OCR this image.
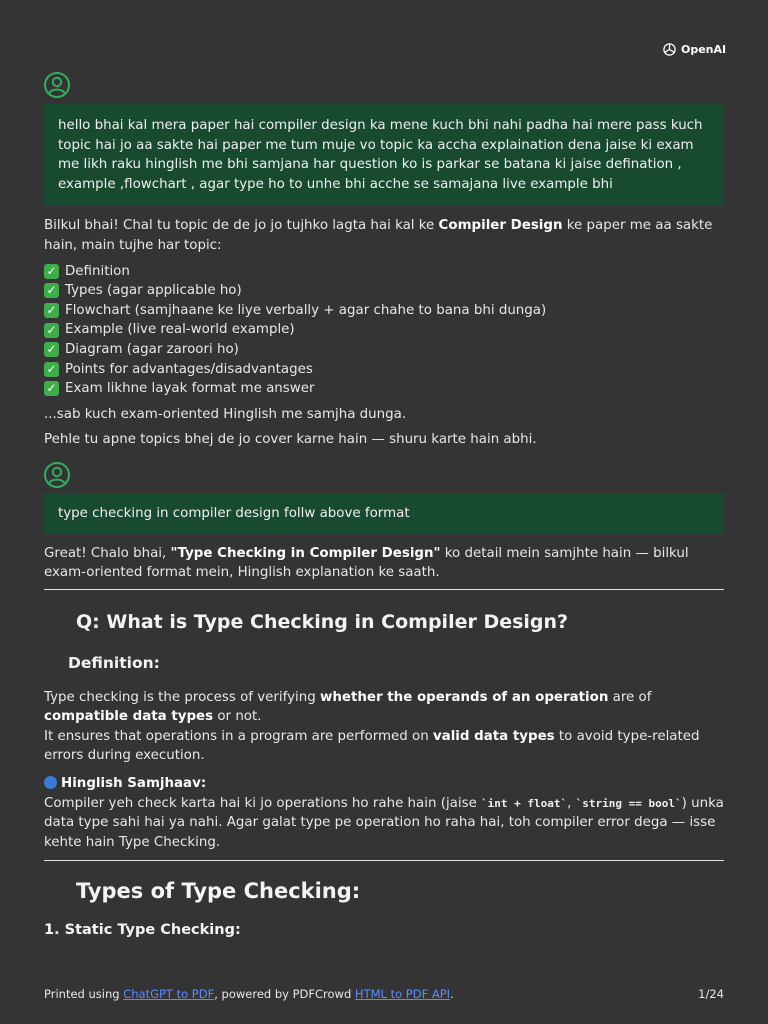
OpenAI
hello bhai kal mera paper hai compiler design ka mene kuch bhi nahi padha hai mere pass kuch topic hai jo aa sakte hai paper me tum muje vo topic ka accha explaination dena jaise ki exam me likh raku hinglish me bhi samjana har question ko is parkar se batana ki jaise defination , example ,flowchart , agar type ho to unhe bhi acche se samajana live example bhi

Bilkul bhai! Chal tu topic de de jo jo tujhko lagta hai kal ke Compiler Design ke paper me aa sakte hain, main tujhe har topic:

✓ Definition
✓ Types (agar applicable ho)
✓ Flowchart (samjhaane ke liye verbally + agar chahe to bana bhi dunga)
✓ Example (live real-world example)
✓ Diagram (agar zaroori ho)
✓ Points for advantages/disadvantages
✓ Exam likhne layak format me answer

...sab kuch exam-oriented Hinglish me samjha dunga.

Pehle tu apne topics bhej de jo cover karne hain — shuru karte hain abhi.

type checking in compiler design follw above format

Great! Chalo bhai, "Type Checking in Compiler Design" ko detail mein samjhte hain — bilkul exam-oriented format mein, Hinglish explanation ke saath.

Q: What is Type Checking in Compiler Design?
Definition:

Type checking is the process of verifying whether the operands of an operation are of compatible data types or not.
It ensures that operations in a program are performed on valid data types to avoid type-related errors during execution.

Hinglish Samjhaav:
Compiler yeh check karta hai ki jo operations ho rahe hain (jaise `int + float`, `string == bool`) unka data type sahi hai ya nahi. Agar galat type pe operation ho raha hai, toh compiler error dega — isse kehte hain Type Checking.

Types of Type Checking:
1. Static Type Checking:
Printed using ChatGPT to PDF, powered by PDFCrowd HTML to PDF API.	1/24
